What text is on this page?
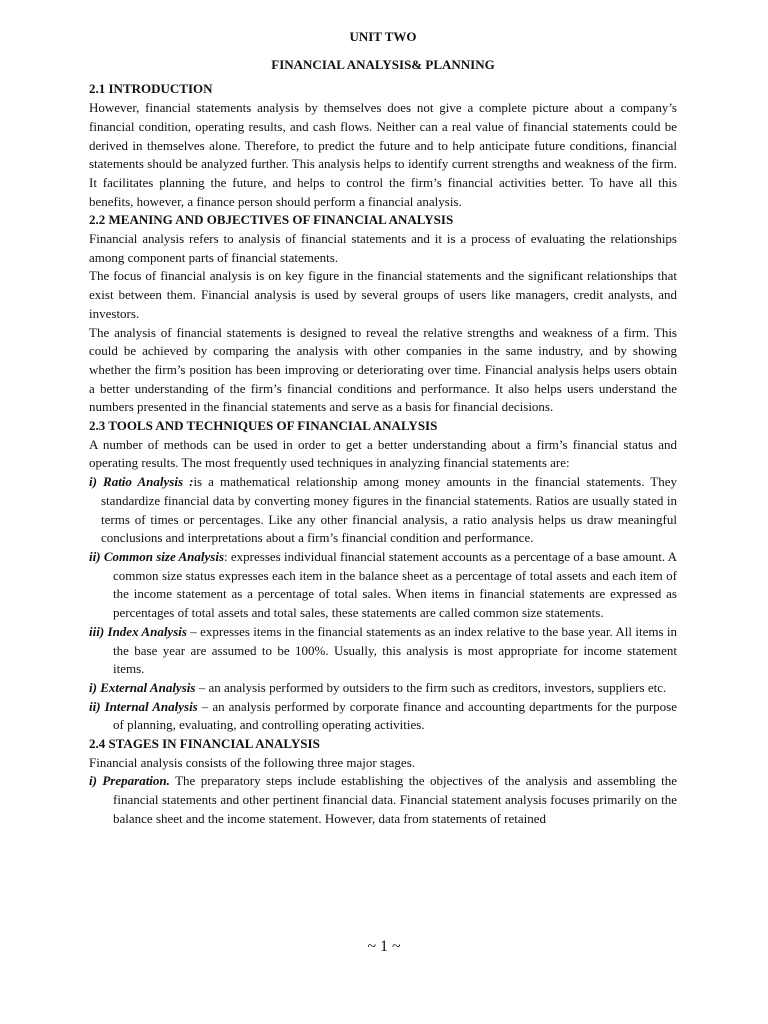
UNIT TWO
FINANCIAL ANALYSIS& PLANNING
2.1 INTRODUCTION

However, financial statements analysis by themselves does not give a complete picture about a company’s financial condition, operating results, and cash flows. Neither can a real value of financial statements could be derived in themselves alone. Therefore, to predict the future and to help anticipate future conditions, financial statements should be analyzed further. This analysis helps to identify current strengths and weakness of the firm. It facilitates planning the future, and helps to control the firm’s financial activities better. To have all this benefits, however, a finance person should perform a financial analysis.

2.2 MEANING AND OBJECTIVES OF FINANCIAL ANALYSIS

Financial analysis refers to analysis of financial statements and it is a process of evaluating the relationships among component parts of financial statements.

The focus of financial analysis is on key figure in the financial statements and the significant relationships that exist between them. Financial analysis is used by several groups of users like managers, credit analysts, and investors.

The analysis of financial statements is designed to reveal the relative strengths and weakness of a firm. This could be achieved by comparing the analysis with other companies in the same industry, and by showing whether the firm’s position has been improving or deteriorating over time. Financial analysis helps users obtain a better understanding of the firm’s financial conditions and performance. It also helps users understand the numbers presented in the financial statements and serve as a basis for financial decisions.

2.3 TOOLS AND TECHNIQUES OF FINANCIAL ANALYSIS

A number of methods can be used in order to get a better understanding about a firm’s financial status and operating results. The most frequently used techniques in analyzing financial statements are:

i) Ratio Analysis :is a mathematical relationship among money amounts in the financial statements. They standardize financial data by converting money figures in the financial statements. Ratios are usually stated in terms of times or percentages. Like any other financial analysis, a ratio analysis helps us draw meaningful conclusions and interpretations about a firm’s financial condition and performance.
ii) Common size Analysis: expresses individual financial statement accounts as a percentage of a base amount. A common size status expresses each item in the balance sheet as a percentage of total assets and each item of the income statement as a percentage of total sales. When items in financial statements are expressed as percentages of total assets and total sales, these statements are called common size statements.
iii) Index Analysis – expresses items in the financial statements as an index relative to the base year. All items in the base year are assumed to be 100%. Usually, this analysis is most appropriate for income statement items.
i) External Analysis – an analysis performed by outsiders to the firm such as creditors, investors, suppliers etc.
ii) Internal Analysis – an analysis performed by corporate finance and accounting departments for the purpose of planning, evaluating, and controlling operating activities.
2.4 STAGES IN FINANCIAL ANALYSIS

Financial analysis consists of the following three major stages.

i) Preparation. The preparatory steps include establishing the objectives of the analysis and assembling the financial statements and other pertinent financial data. Financial statement analysis focuses primarily on the balance sheet and the income statement. However, data from statements of retained
~ 1 ~
